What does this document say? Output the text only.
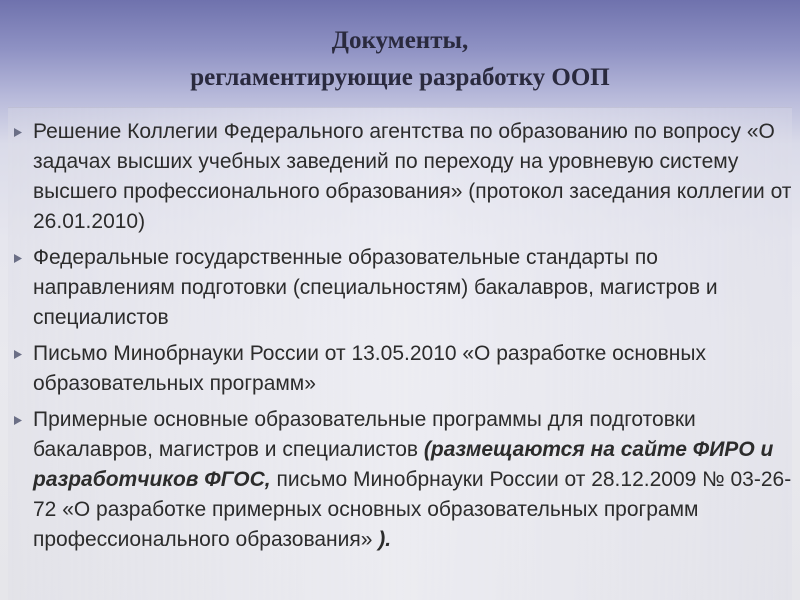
Документы,
регламентирующие разработку ООП
Решение Коллегии Федерального агентства по образованию по вопросу «О задачах высших учебных заведений по переходу на уровневую систему высшего профессионального образования» (протокол заседания коллегии от 26.01.2010)
Федеральные государственные образовательные стандарты по направлениям подготовки (специальностям) бакалавров, магистров и специалистов
Письмо Минобрнауки России от 13.05.2010 «О разработке основных образовательных программ»
Примерные основные образовательные программы для подготовки бакалавров, магистров и специалистов (размещаются на сайте ФИРО и разработчиков ФГОС, письмо Минобрнауки России от 28.12.2009 № 03-26-72 «О разработке примерных основных образовательных программ профессионального образования» ).
